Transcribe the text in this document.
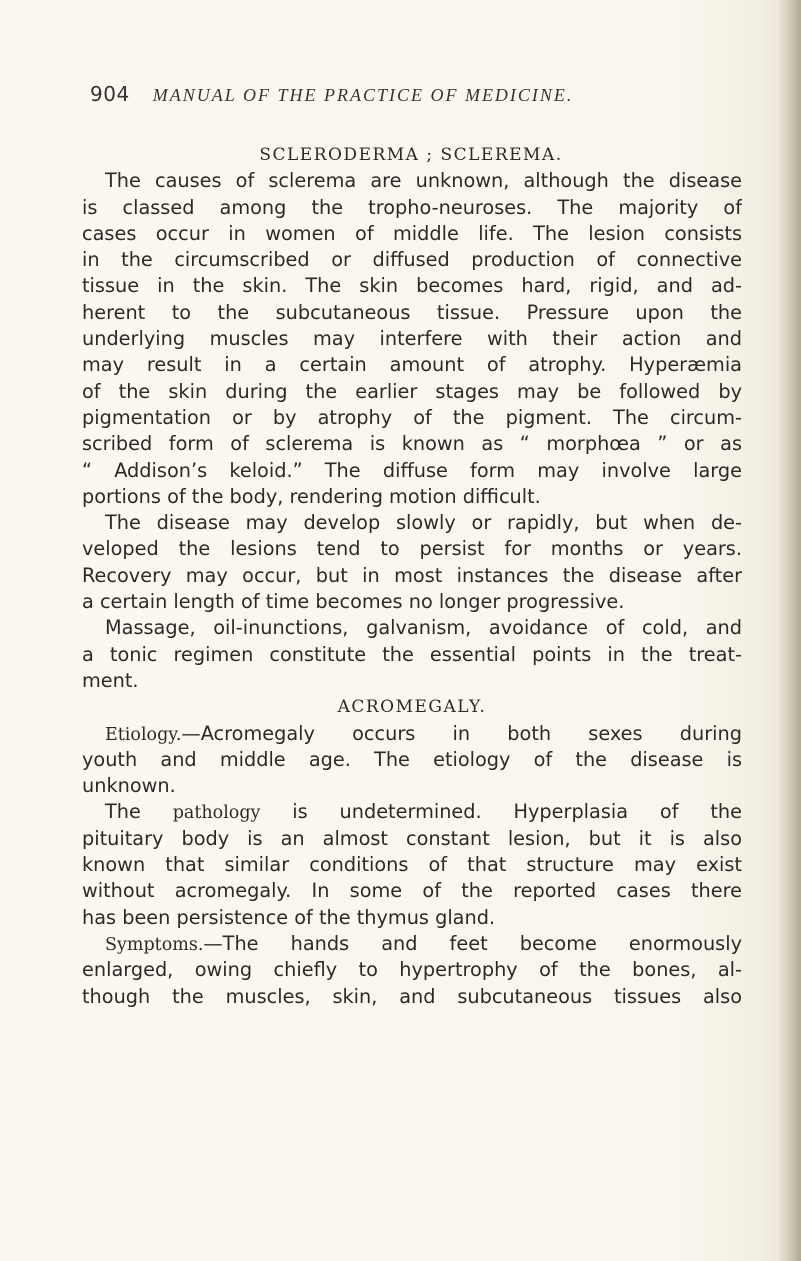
904 MANUAL OF THE PRACTICE OF MEDICINE.
SCLERODERMA ; SCLEREMA.
The causes of sclerema are unknown, although the disease
is classed among the tropho-neuroses. The majority of
cases occur in women of middle life. The lesion consists
in the circumscribed or diffused production of connective
tissue in the skin. The skin becomes hard, rigid, and ad-
herent to the subcutaneous tissue. Pressure upon the
underlying muscles may interfere with their action and
may result in a certain amount of atrophy. Hyperæmia
of the skin during the earlier stages may be followed by
pigmentation or by atrophy of the pigment. The circum-
scribed form of sclerema is known as “ morphœa ” or as
“ Addison’s keloid.” The diffuse form may involve large
portions of the body, rendering motion difficult.
The disease may develop slowly or rapidly, but when de-
veloped the lesions tend to persist for months or years.
Recovery may occur, but in most instances the disease after
a certain length of time becomes no longer progressive.
Massage, oil-inunctions, galvanism, avoidance of cold, and
a tonic regimen constitute the essential points in the treat-
ment.
ACROMEGALY.
Etiology.—Acromegaly occurs in both sexes during
youth and middle age. The etiology of the disease is
unknown.
The pathology is undetermined. Hyperplasia of the
pituitary body is an almost constant lesion, but it is also
known that similar conditions of that structure may exist
without acromegaly. In some of the reported cases there
has been persistence of the thymus gland.
Symptoms.—The hands and feet become enormously
enlarged, owing chiefly to hypertrophy of the bones, al-
though the muscles, skin, and subcutaneous tissues also
